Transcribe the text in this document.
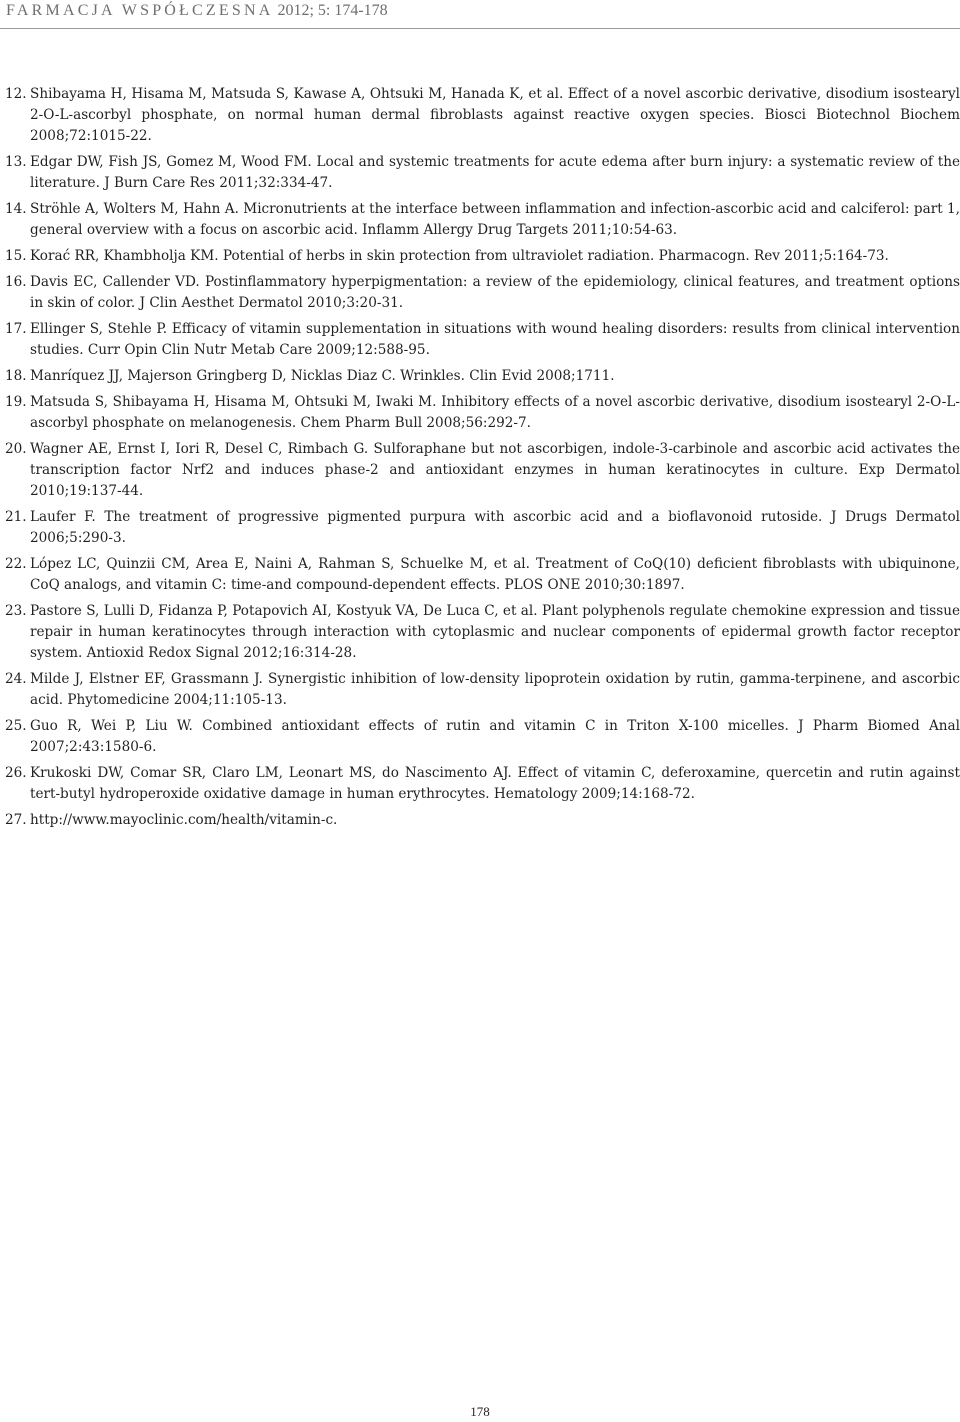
FARMACJA WSPÓŁCZESNA 2012; 5: 174-178
12. Shibayama H, Hisama M, Matsuda S, Kawase A, Ohtsuki M, Hanada K, et al. Effect of a novel ascorbic derivative, disodium isostearyl 2-O-L-ascorbyl phosphate, on normal human dermal fibroblasts against reactive oxygen species. Biosci Biotechnol Biochem 2008;72:1015-22.
13. Edgar DW, Fish JS, Gomez M, Wood FM. Local and systemic treatments for acute edema after burn injury: a systematic review of the literature. J Burn Care Res 2011;32:334-47.
14. Ströhle A, Wolters M, Hahn A. Micronutrients at the interface between inflammation and infection-ascorbic acid and calciferol: part 1, general overview with a focus on ascorbic acid. Inflamm Allergy Drug Targets 2011;10:54-63.
15. Korać RR, Khambholja KM. Potential of herbs in skin protection from ultraviolet radiation. Pharmacogn. Rev 2011;5:164-73.
16. Davis EC, Callender VD. Postinflammatory hyperpigmentation: a review of the epidemiology, clinical features, and treatment options in skin of color. J Clin Aesthet Dermatol 2010;3:20-31.
17. Ellinger S, Stehle P. Efficacy of vitamin supplementation in situations with wound healing disorders: results from clinical intervention studies. Curr Opin Clin Nutr Metab Care 2009;12:588-95.
18. Manríquez JJ, Majerson Gringberg D, Nicklas Diaz C. Wrinkles. Clin Evid 2008;1711.
19. Matsuda S, Shibayama H, Hisama M, Ohtsuki M, Iwaki M. Inhibitory effects of a novel ascorbic derivative, disodium isostearyl 2-O-L-ascorbyl phosphate on melanogenesis. Chem Pharm Bull 2008;56:292-7.
20. Wagner AE, Ernst I, Iori R, Desel C, Rimbach G. Sulforaphane but not ascorbigen, indole-3-carbinole and ascorbic acid activates the transcription factor Nrf2 and induces phase-2 and antioxidant enzymes in human keratinocytes in culture. Exp Dermatol 2010;19:137-44.
21. Laufer F. The treatment of progressive pigmented purpura with ascorbic acid and a bioflavonoid rutoside. J Drugs Dermatol 2006;5:290-3.
22. López LC, Quinzii CM, Area E, Naini A, Rahman S, Schuelke M, et al. Treatment of CoQ(10) deficient fibroblasts with ubiquinone, CoQ analogs, and vitamin C: time-and compound-dependent effects. PLOS ONE 2010;30:1897.
23. Pastore S, Lulli D, Fidanza P, Potapovich AI, Kostyuk VA, De Luca C, et al. Plant polyphenols regulate chemokine expression and tissue repair in human keratinocytes through interaction with cytoplasmic and nuclear components of epidermal growth factor receptor system. Antioxid Redox Signal 2012;16:314-28.
24. Milde J, Elstner EF, Grassmann J. Synergistic inhibition of low-density lipoprotein oxidation by rutin, gamma-terpinene, and ascorbic acid. Phytomedicine 2004;11:105-13.
25. Guo R, Wei P, Liu W. Combined antioxidant effects of rutin and vitamin C in Triton X-100 micelles. J Pharm Biomed Anal 2007;2:43:1580-6.
26. Krukoski DW, Comar SR, Claro LM, Leonart MS, do Nascimento AJ. Effect of vitamin C, deferoxamine, quercetin and rutin against tert-butyl hydroperoxide oxidative damage in human erythrocytes. Hematology 2009;14:168-72.
27. http://www.mayoclinic.com/health/vitamin-c.
178
